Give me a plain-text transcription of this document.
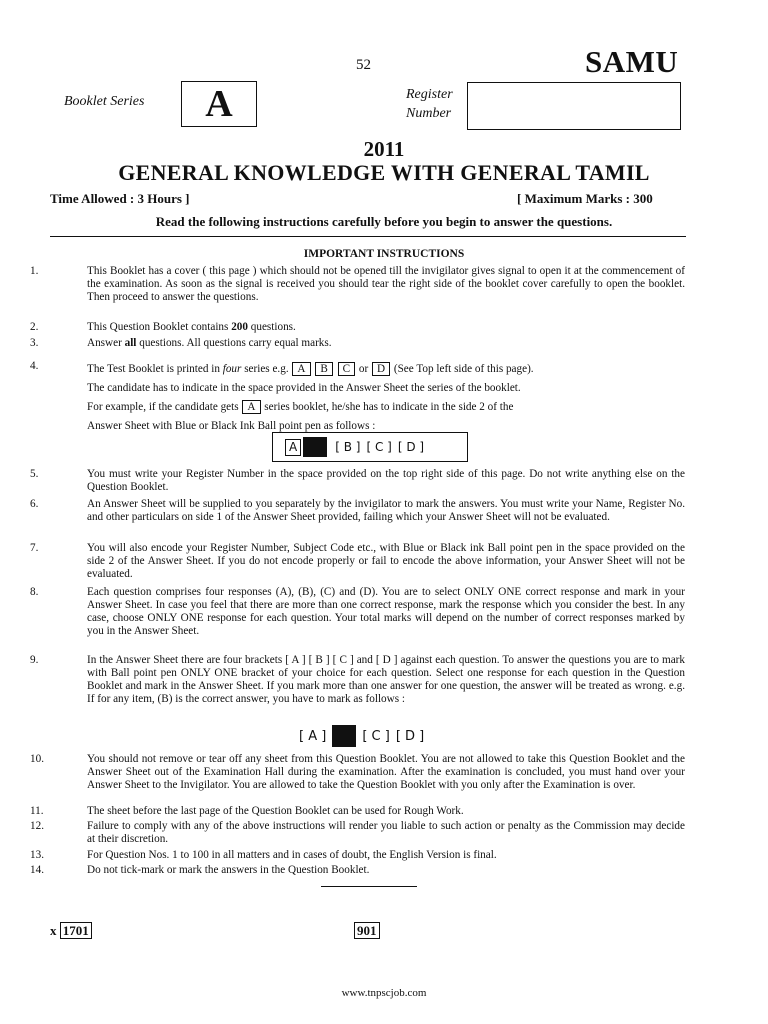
52	SAMU
Booklet Series A	Register
Number
2011
GENERAL KNOWLEDGE WITH GENERAL TAMIL
Time Allowed : 3 Hours ]	[ Maximum Marks : 300
Read the following instructions carefully before you begin to answer the questions.
IMPORTANT INSTRUCTIONS
1.	This Booklet has a cover ( this page ) which should not be opened till the invigilator gives signal to open it at the commencement of the examination. As soon as the signal is received you should tear the right side of the booklet cover carefully to open the booklet. Then proceed to answer the questions.
2.	This Question Booklet contains 200 questions.
3.	Answer all questions. All questions carry equal marks.
4.	The Test Booklet is printed in four series e.g. A B C or D (See Top left side of this page).
The candidate has to indicate in the space provided in the Answer Sheet the series of the booklet.
For example, if the candidate gets A series booklet, he/she has to indicate in the side 2 of the
Answer Sheet with Blue or Black Ink Ball point pen as follows :
A	[ B ] [ C ] [ D ]
5.	You must write your Register Number in the space provided on the top right side of this page. Do not write anything else on the Question Booklet.
6.	An Answer Sheet will be supplied to you separately by the invigilator to mark the answers. You must write your Name, Register No. and other particulars on side 1 of the Answer Sheet provided, failing which your Answer Sheet will not be evaluated.
7.	You will also encode your Register Number, Subject Code etc., with Blue or Black ink Ball point pen in the space provided on the side 2 of the Answer Sheet. If you do not encode properly or fail to encode the above information, your Answer Sheet will not be evaluated.
8.	Each question comprises four responses (A), (B), (C) and (D). You are to select ONLY ONE correct response and mark in your Answer Sheet. In case you feel that there are more than one correct response, mark the response which you consider the best. In any case, choose ONLY ONE response for each question. Your total marks will depend on the number of correct responses marked by you in the Answer Sheet.
9.	In the Answer Sheet there are four brackets [ A ] [ B ] [ C ] and [ D ] against each question. To answer the questions you are to mark with Ball point pen ONLY ONE bracket of your choice for each question. Select one response for each question in the Question Booklet and mark in the Answer Sheet. If you mark more than one answer for one question, the answer will be treated as wrong. e.g. If for any item, (B) is the correct answer, you have to mark as follows :
[ A ]	[ C ] [ D ]
10.	You should not remove or tear off any sheet from this Question Booklet. You are not allowed to take this Question Booklet and the Answer Sheet out of the Examination Hall during the examination. After the examination is concluded, you must hand over your Answer Sheet to the Invigilator. You are allowed to take the Question Booklet with you only after the Examination is over.
11.	The sheet before the last page of the Question Booklet can be used for Rough Work.
12.	Failure to comply with any of the above instructions will render you liable to such action or penalty as the Commission may decide at their discretion.
13.	For Question Nos. 1 to 100 in all matters and in cases of doubt, the English Version is final.
14.	Do not tick-mark or mark the answers in the Question Booklet.
x 1701	901
www.tnpscjob.com
